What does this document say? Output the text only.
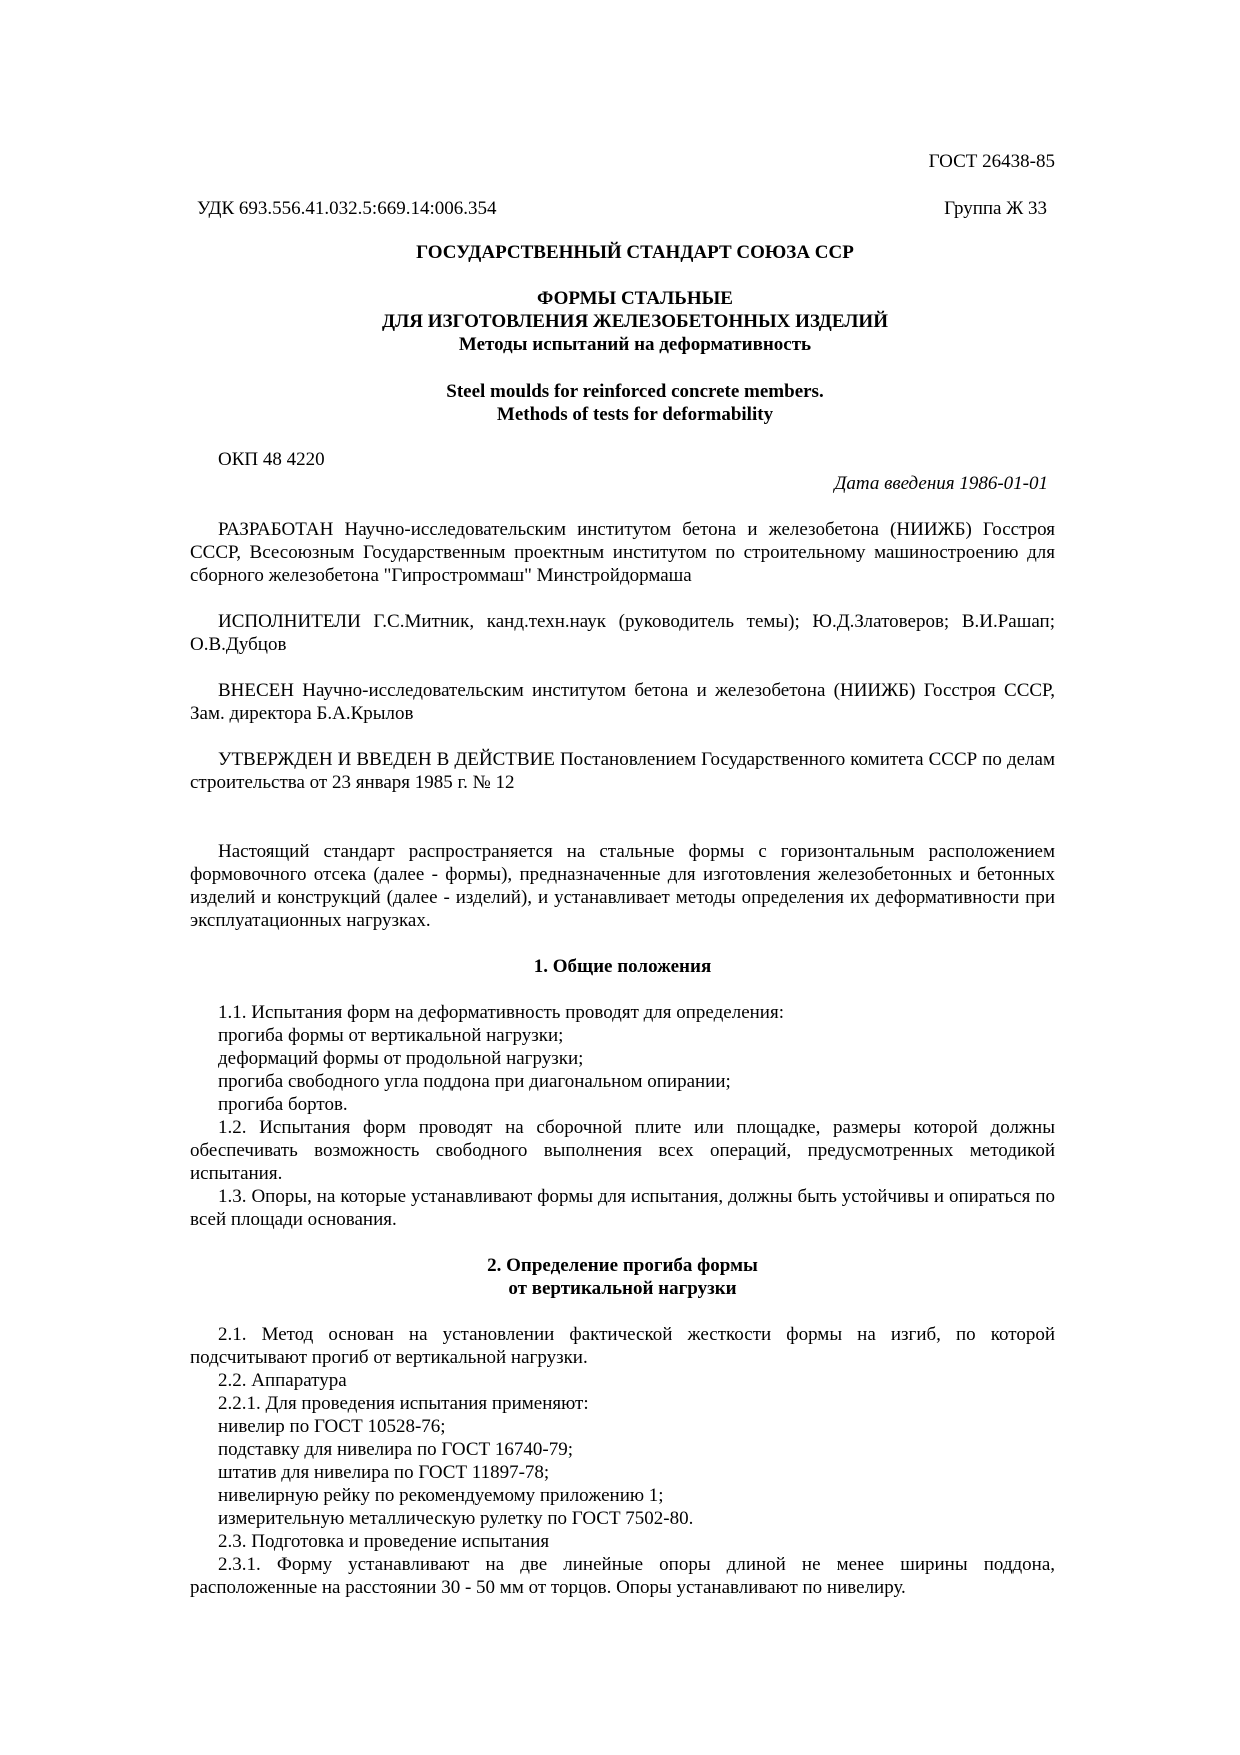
ГОСТ 26438-85
УДК 693.556.41.032.5:669.14:006.354	Группа Ж 33
ГОСУДАРСТВЕННЫЙ СТАНДАРТ СОЮЗА ССР
ФОРМЫ СТАЛЬНЫЕ
ДЛЯ ИЗГОТОВЛЕНИЯ ЖЕЛЕЗОБЕТОННЫХ ИЗДЕЛИЙ
Методы испытаний на деформативность
Steel moulds for reinforced concrete members.
Methods of tests for deformability
ОКП 48 4220
Дата введения 1986-01-01

РАЗРАБОТАН Научно-исследовательским институтом бетона и железобетона (НИИЖБ) Госстроя СССР, Всесоюзным Государственным проектным институтом по строительному машиностроению для сборного железобетона "Гипростроммаш" Минстройдормаша

ИСПОЛНИТЕЛИ Г.С.Митник, канд.техн.наук (руководитель темы); Ю.Д.Златоверов; В.И.Рашап; О.В.Дубцов

ВНЕСЕН Научно-исследовательским институтом бетона и железобетона (НИИЖБ) Госстроя СССР, Зам. директора Б.А.Крылов

УТВЕРЖДЕН И ВВЕДЕН В ДЕЙСТВИЕ Постановлением Государственного комитета СССР по делам строительства от 23 января 1985 г. № 12

Настоящий стандарт распространяется на стальные формы с горизонтальным расположением формовочного отсека (далее - формы), предназначенные для изготовления железобетонных и бетонных изделий и конструкций (далее - изделий), и устанавливает методы определения их деформативности при эксплуатационных нагрузках.

1. Общие положения

1.1. Испытания форм на деформативность проводят для определения:

прогиба формы от вертикальной нагрузки;

деформаций формы от продольной нагрузки;

прогиба свободного угла поддона при диагональном опирании;

прогиба бортов.

1.2. Испытания форм проводят на сборочной плите или площадке, размеры которой должны обеспечивать возможность свободного выполнения всех операций, предусмотренных методикой испытания.

1.3. Опоры, на которые устанавливают формы для испытания, должны быть устойчивы и опираться по всей площади основания.

2. Определение прогиба формы
от вертикальной нагрузки

2.1. Метод основан на установлении фактической жесткости формы на изгиб, по которой подсчитывают прогиб от вертикальной нагрузки.

2.2. Аппаратура

2.2.1. Для проведения испытания применяют:

нивелир по ГОСТ 10528-76;

подставку для нивелира по ГОСТ 16740-79;

штатив для нивелира по ГОСТ 11897-78;

нивелирную рейку по рекомендуемому приложению 1;

измерительную металлическую рулетку по ГОСТ 7502-80.

2.3. Подготовка и проведение испытания

2.3.1. Форму устанавливают на две линейные опоры длиной не менее ширины поддона, расположенные на расстоянии 30 - 50 мм от торцов. Опоры устанавливают по нивелиру.
